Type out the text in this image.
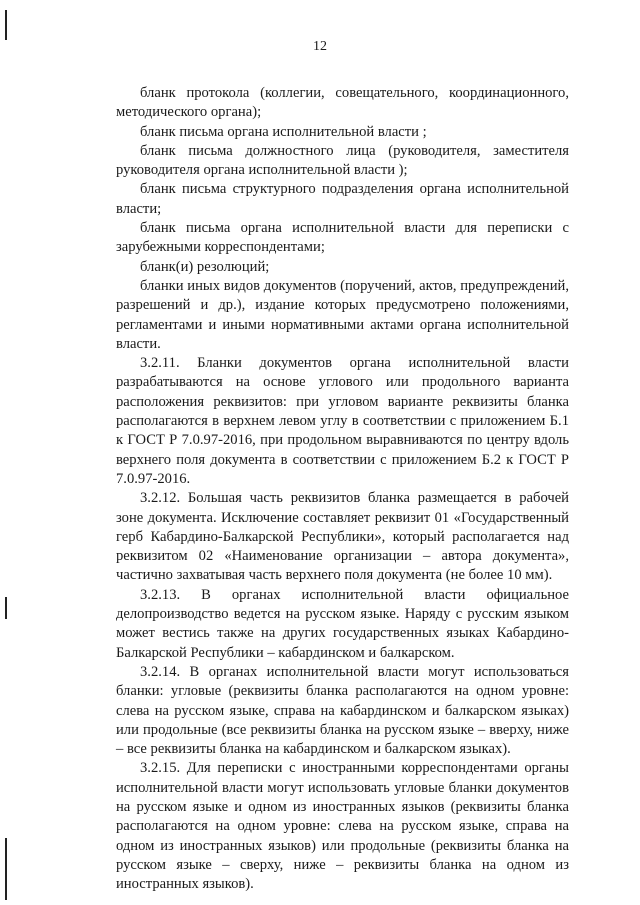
12

бланк протокола (коллегии, совещательного, координационного, методического органа);

бланк письма органа исполнительной власти ;

бланк письма должностного лица (руководителя, заместителя руководителя органа исполнительной власти );

бланк письма структурного подразделения органа исполнительной власти;

бланк письма органа исполнительной власти для переписки с зарубежными корреспондентами;

бланк(и) резолюций;

бланки иных видов документов (поручений, актов, предупреждений, разрешений и др.), издание которых предусмотрено положениями, регламентами и иными нормативными актами органа исполнительной власти.

3.2.11. Бланки документов органа исполнительной власти разрабатываются на основе углового или продольного варианта расположения реквизитов: при угловом варианте реквизиты бланка располагаются в верхнем левом углу в соответствии с приложением Б.1 к ГОСТ Р 7.0.97-2016, при продольном выравниваются по центру вдоль верхнего поля документа в соответствии с приложением Б.2 к ГОСТ Р 7.0.97-2016.

3.2.12. Большая часть реквизитов бланка размещается в рабочей зоне документа. Исключение составляет реквизит 01 «Государственный герб Кабардино-Балкарской Республики», который располагается над реквизитом 02 «Наименование организации – автора документа», частично захватывая часть верхнего поля документа (не более 10 мм).

3.2.13. В органах исполнительной власти официальное делопроизводство ведется на русском языке. Наряду с русским языком может вестись также на других государственных языках Кабардино-Балкарской Республики – кабардинском и балкарском.

3.2.14. В органах исполнительной власти могут использоваться бланки: угловые (реквизиты бланка располагаются на одном уровне: слева на русском языке, справа на кабардинском и балкарском языках) или продольные (все реквизиты бланка на русском языке – вверху, ниже – все реквизиты бланка на кабардинском и балкарском языках).

3.2.15. Для переписки с иностранными корреспондентами органы исполнительной власти могут использовать угловые бланки документов на русском языке и одном из иностранных языков (реквизиты бланка располагаются на одном уровне: слева на русском языке, справа на одном из иностранных языков) или продольные (реквизиты бланка на русском языке – сверху, ниже – реквизиты бланка на одном из иностранных языков).
